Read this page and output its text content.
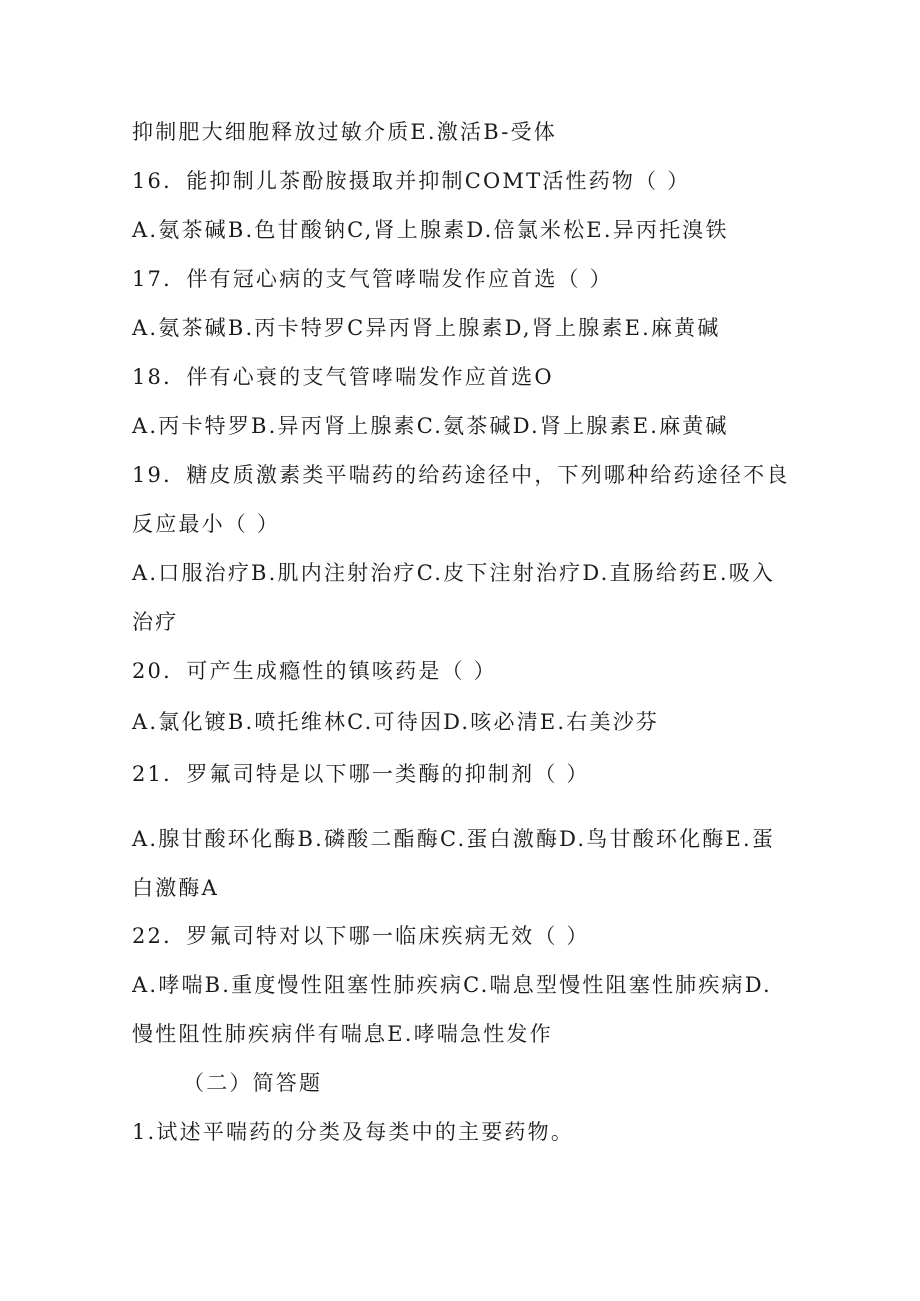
抑制肥大细胞释放过敏介质E.激活B-受体
16．能抑制儿茶酚胺摄取并抑制COMT活性药物（ ）
A.氨茶碱B.色甘酸钠C,肾上腺素D.倍氯米松E.异丙托溴铁
17．伴有冠心病的支气管哮喘发作应首选（ ）
A.氨茶碱B.丙卡特罗C异丙肾上腺素D,肾上腺素E.麻黄碱
18．伴有心衰的支气管哮喘发作应首选O
A.丙卡特罗B.异丙肾上腺素C.氨茶碱D.肾上腺素E.麻黄碱
19．糖皮质激素类平喘药的给药途径中，下列哪种给药途径不良
反应最小（ ）
A.口服治疗B.肌内注射治疗C.皮下注射治疗D.直肠给药E.吸入
治疗
20．可产生成瘾性的镇咳药是（ ）
A.氯化镀B.喷托维林C.可待因D.咳必清E.右美沙芬
21．罗氟司特是以下哪一类酶的抑制剂（ ）
A.腺甘酸环化酶B.磷酸二酯酶C.蛋白激酶D.鸟甘酸环化酶E.蛋
白激酶A
22．罗氟司特对以下哪一临床疾病无效（ ）
A.哮喘B.重度慢性阻塞性肺疾病C.喘息型慢性阻塞性肺疾病D.
慢性阻性肺疾病伴有喘息E.哮喘急性发作
（二）简答题
1.试述平喘药的分类及每类中的主要药物。
